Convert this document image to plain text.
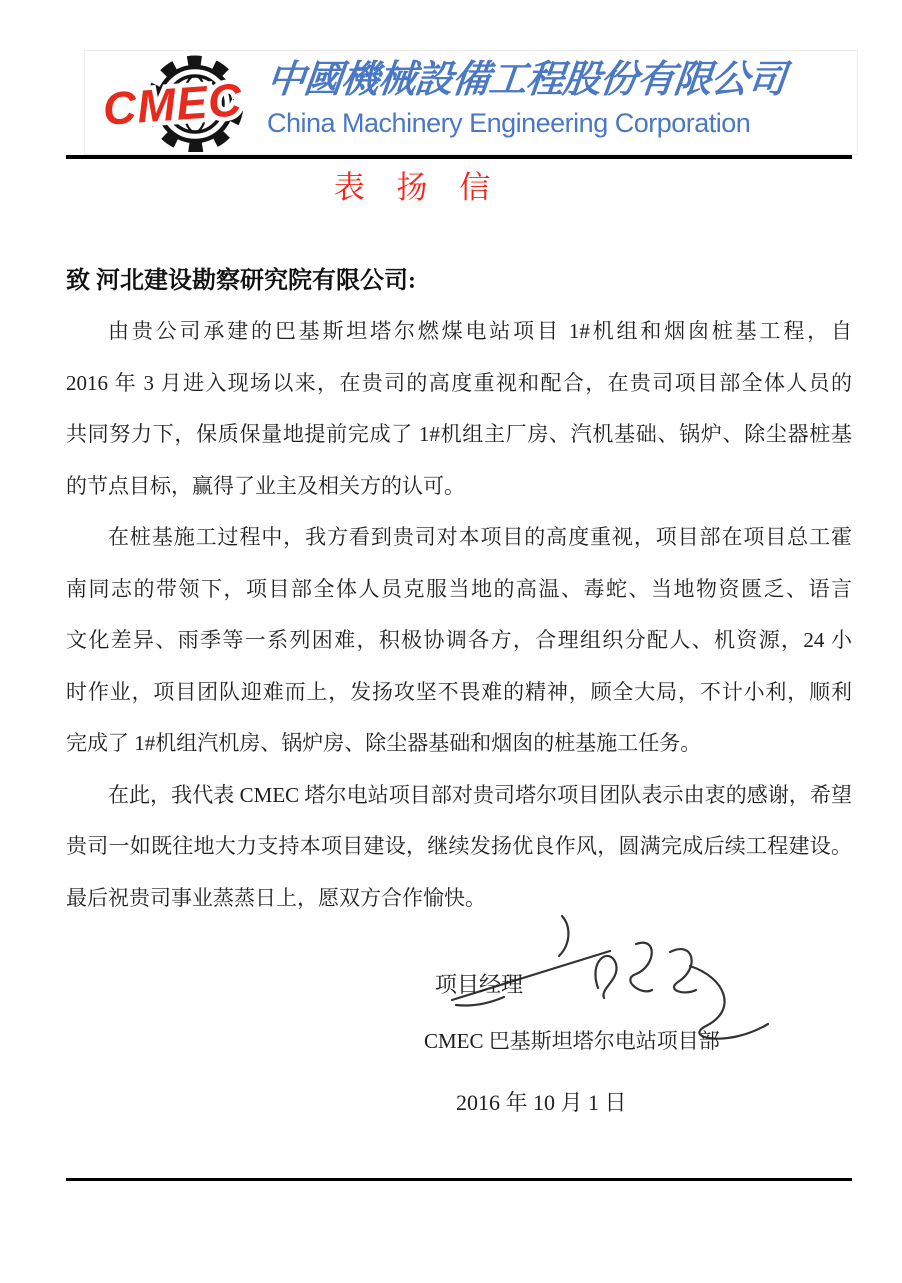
CMEC 中國機械設備工程股份有限公司
China Machinery Engineering Corporation
表 扬 信
致 河北建设勘察研究院有限公司:
由贵公司承建的巴基斯坦塔尔燃煤电站项目 1#机组和烟囱桩基工程，自
2016 年 3 月进入现场以来，在贵司的高度重视和配合，在贵司项目部全体人员的
共同努力下，保质保量地提前完成了 1#机组主厂房、汽机基础、锅炉、除尘器桩基
的节点目标，赢得了业主及相关方的认可。
在桩基施工过程中，我方看到贵司对本项目的高度重视，项目部在项目总工霍
南同志的带领下，项目部全体人员克服当地的高温、毒蛇、当地物资匮乏、语言
文化差异、雨季等一系列困难，积极协调各方，合理组织分配人、机资源，24 小
时作业，项目团队迎难而上，发扬攻坚不畏难的精神，顾全大局，不计小利，顺利
完成了 1#机组汽机房、锅炉房、除尘器基础和烟囱的桩基施工任务。
在此，我代表 CMEC 塔尔电站项目部对贵司塔尔项目团队表示由衷的感谢，希望
贵司一如既往地大力支持本项目建设，继续发扬优良作风，圆满完成后续工程建设。
最后祝贵司事业蒸蒸日上，愿双方合作愉快。
项目经理
CMEC 巴基斯坦塔尔电站项目部
2016 年 10 月 1 日
